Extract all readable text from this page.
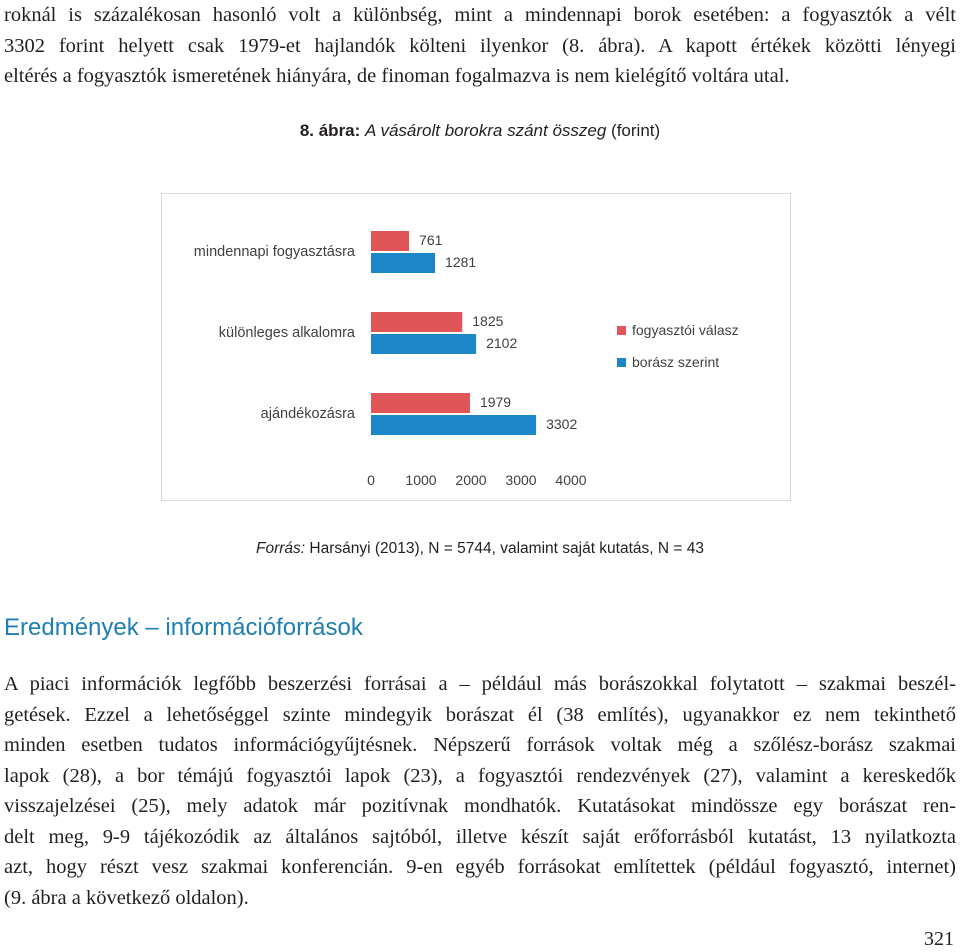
roknál is százalékosan hasonló volt a különbség, mint a mindennapi borok esetében: a fogyasztók a vélt
3302 forint helyett csak 1979-et hajlandók költeni ilyenkor (8. ábra). A kapott értékek közötti lényegi
eltérés a fogyasztók ismeretének hiányára, de finoman fogalmazva is nem kielégítő voltára utal.
8. ábra: A vásárolt borokra szánt összeg (forint)
mindennapi fogyasztásra
761
1281
különleges alkalomra
1825
2102
ajándékozásra
1979
3302
0 1000 2000 3000 4000
fogyasztói válasz
borász szerint
Forrás: Harsányi (2013), N = 5744, valamint saját kutatás, N = 43
Eredmények – információforrások
A piaci információk legfőbb beszerzési forrásai a – például más borászokkal folytatott – szakmai beszél-
getések. Ezzel a lehetőséggel szinte mindegyik borászat él (38 említés), ugyanakkor ez nem tekinthető
minden esetben tudatos információgyűjtésnek. Népszerű források voltak még a szőlész-borász szakmai
lapok (28), a bor témájú fogyasztói lapok (23), a fogyasztói rendezvények (27), valamint a kereskedők
visszajelzései (25), mely adatok már pozitívnak mondhatók. Kutatásokat mindössze egy borászat ren-
delt meg, 9-9 tájékozódik az általános sajtóból, illetve készít saját erőforrásból kutatást, 13 nyilatkozta
azt, hogy részt vesz szakmai konferencián. 9-en egyéb forrásokat említettek (például fogyasztó, internet)
(9. ábra a következő oldalon).
321
